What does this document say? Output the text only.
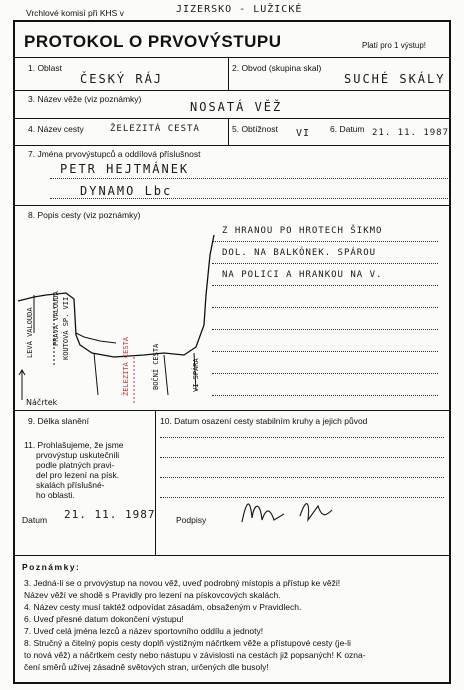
Vrchlové komisí při KHS v	JIZERSKO - LUŽICKÉ
PROTOKOL O PRVOVÝSTUPU	Platí pro 1 výstup!
1. Oblast
ČESKÝ RÁJ
2. Obvod (skupina skal)
SUCHÉ SKÁLY
3. Název věže (viz poznámky)
NOSATÁ VĚŽ
4. Název cesty	ŽELEZITÁ CESTA	5. Obtížnost VI 6. Datum 21. 11. 1987
7. Jména prvovýstupců a oddílová příslušnost
PETR HEJTMÁNEK
DYNAMO Lbc
8. Popis cesty (viz poznámky)
Z HRANOU PO HROTECH ŠIKMO
DOL. NA BALKÓNEK. SPÁROU
NA POLICI A HRANKOU NA V.
Náčrtek
LEVÁ VALOUDA	PRAVÁ VALOUDA KOUTOVÁ SP. VII
ŽELEZITÁ CESTA	BOČNÍ CESTA	VI SPÁRA
9. Délka slanění	10. Datum osazení cesty stabilním kruhy a jejich původ
11. Prohlašujeme, že jsme
prvovýstup uskutečnili
podle platných pravi-
del pro lezení na písk.
skalách příslušné-
ho oblasti.
Datum 21. 11. 1987 Podpisy
Poznámky:
3. Jedná-li se o prvovýstup na novou věž, uveď podrobný místopis a přístup ke věži!
Název věží ve shodě s Pravidly pro lezení na pískovcových skalách.
4. Název cesty musí taktéž odpovídat zásadám, obsaženým v Pravidlech.
6. Uveď přesné datum dokončení výstupu!
7. Uveď celá jména lezců a název sportovního oddílu a jednoty!
8. Stručný a čitelný popis cesty doplň výstižným náčrtkem věže a přístupové cesty (je-li
to nová věž) a náčrtkem cesty nebo nástupu v závislosti na cestách již popsaných! K ozna-
čení směrů užívej zásadně světových stran, určených dle busoly!
